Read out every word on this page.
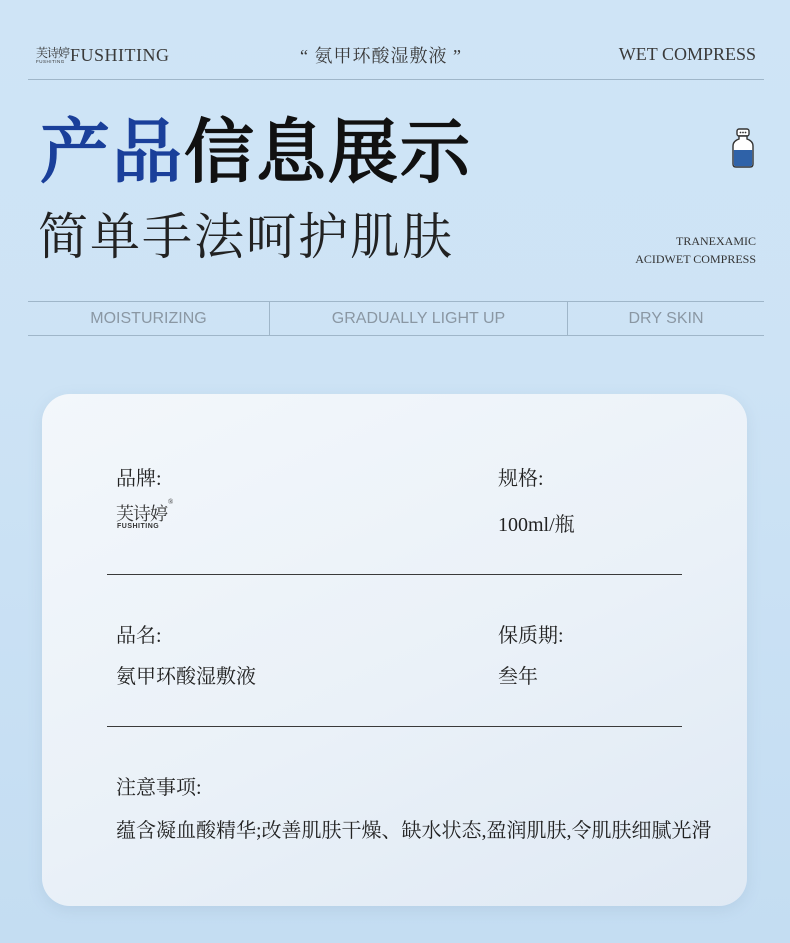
芙诗婷
FUSHITING FUSHITING	“ 氨甲环酸湿敷液 ”	WET COMPRESS
产品信息展示
简单手法呵护肌肤	TRANEXAMIC
ACIDWET COMPRESS
MOISTURIZING	GRADUALLY LIGHT UP	DRY SKIN
品牌:
芙诗婷
®
FUSHITING
规格:
100ml/瓶
品名:
氨甲环酸湿敷液
保质期:
叁年
注意事项:
蕴含凝血酸精华;改善肌肤干燥、缺水状态,盈润肌肤,令肌肤细腻光滑
